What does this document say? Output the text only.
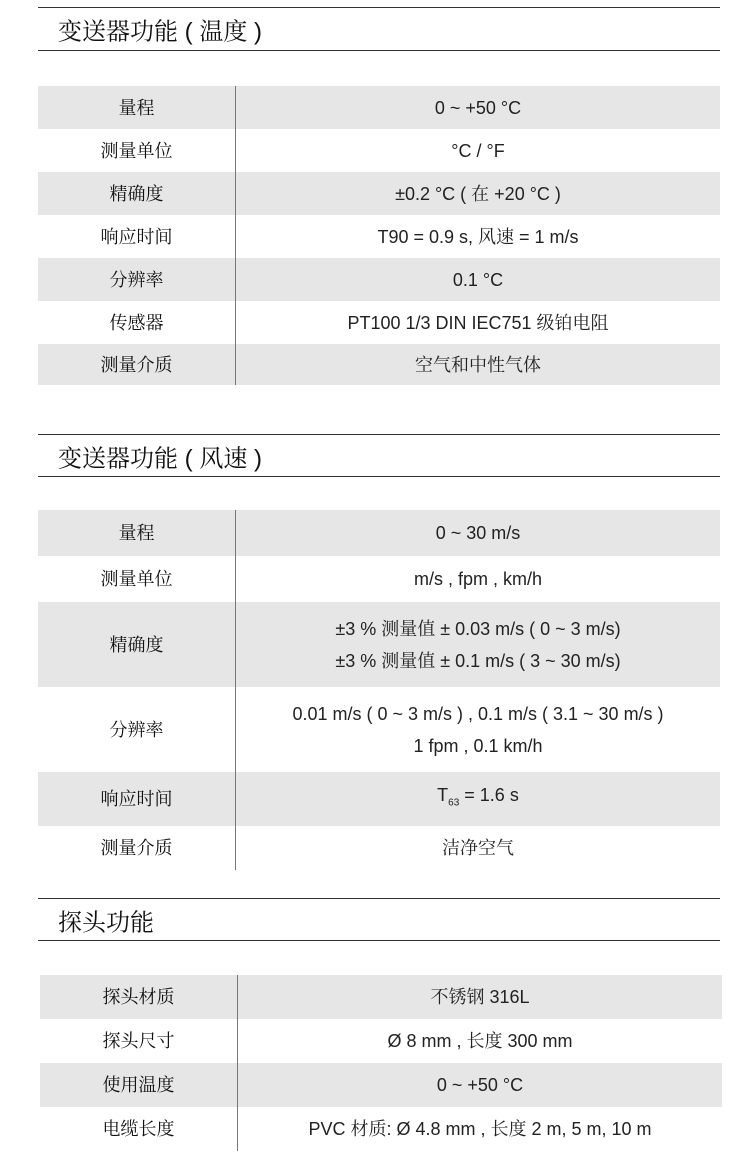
变送器功能 ( 温度 )
量程	0 ~ +50 °C
测量单位	°C / °F
精确度	±0.2 °C ( 在 +20 °C )
响应时间	T90 = 0.9 s, 风速 = 1 m/s
分辨率	0.1 °C
传感器	PT100 1/3 DIN IEC751 级铂电阻
测量介质	空气和中性气体
变送器功能 ( 风速 )
量程	0 ~ 30 m/s
测量单位	m/s , fpm , km/h
精确度	±3 % 测量值 ± 0.03 m/s ( 0 ~ 3 m/s)
±3 % 测量值 ± 0.1 m/s ( 3 ~ 30 m/s)

分辨率	0.01 m/s ( 0 ~ 3 m/s ) , 0.1 m/s ( 3.1 ~ 30 m/s )
1 fpm , 0.1 km/h

响应时间	$T_{63} = 1.6$ s
测量介质	洁净空气
探头功能
探头材质	不锈钢 316L
探头尺寸	Ø 8 mm , 长度 300 mm
使用温度	0 ~ +50 °C
电缆长度	PVC 材质: Ø 4.8 mm , 长度 2 m, 5 m, 10 m
